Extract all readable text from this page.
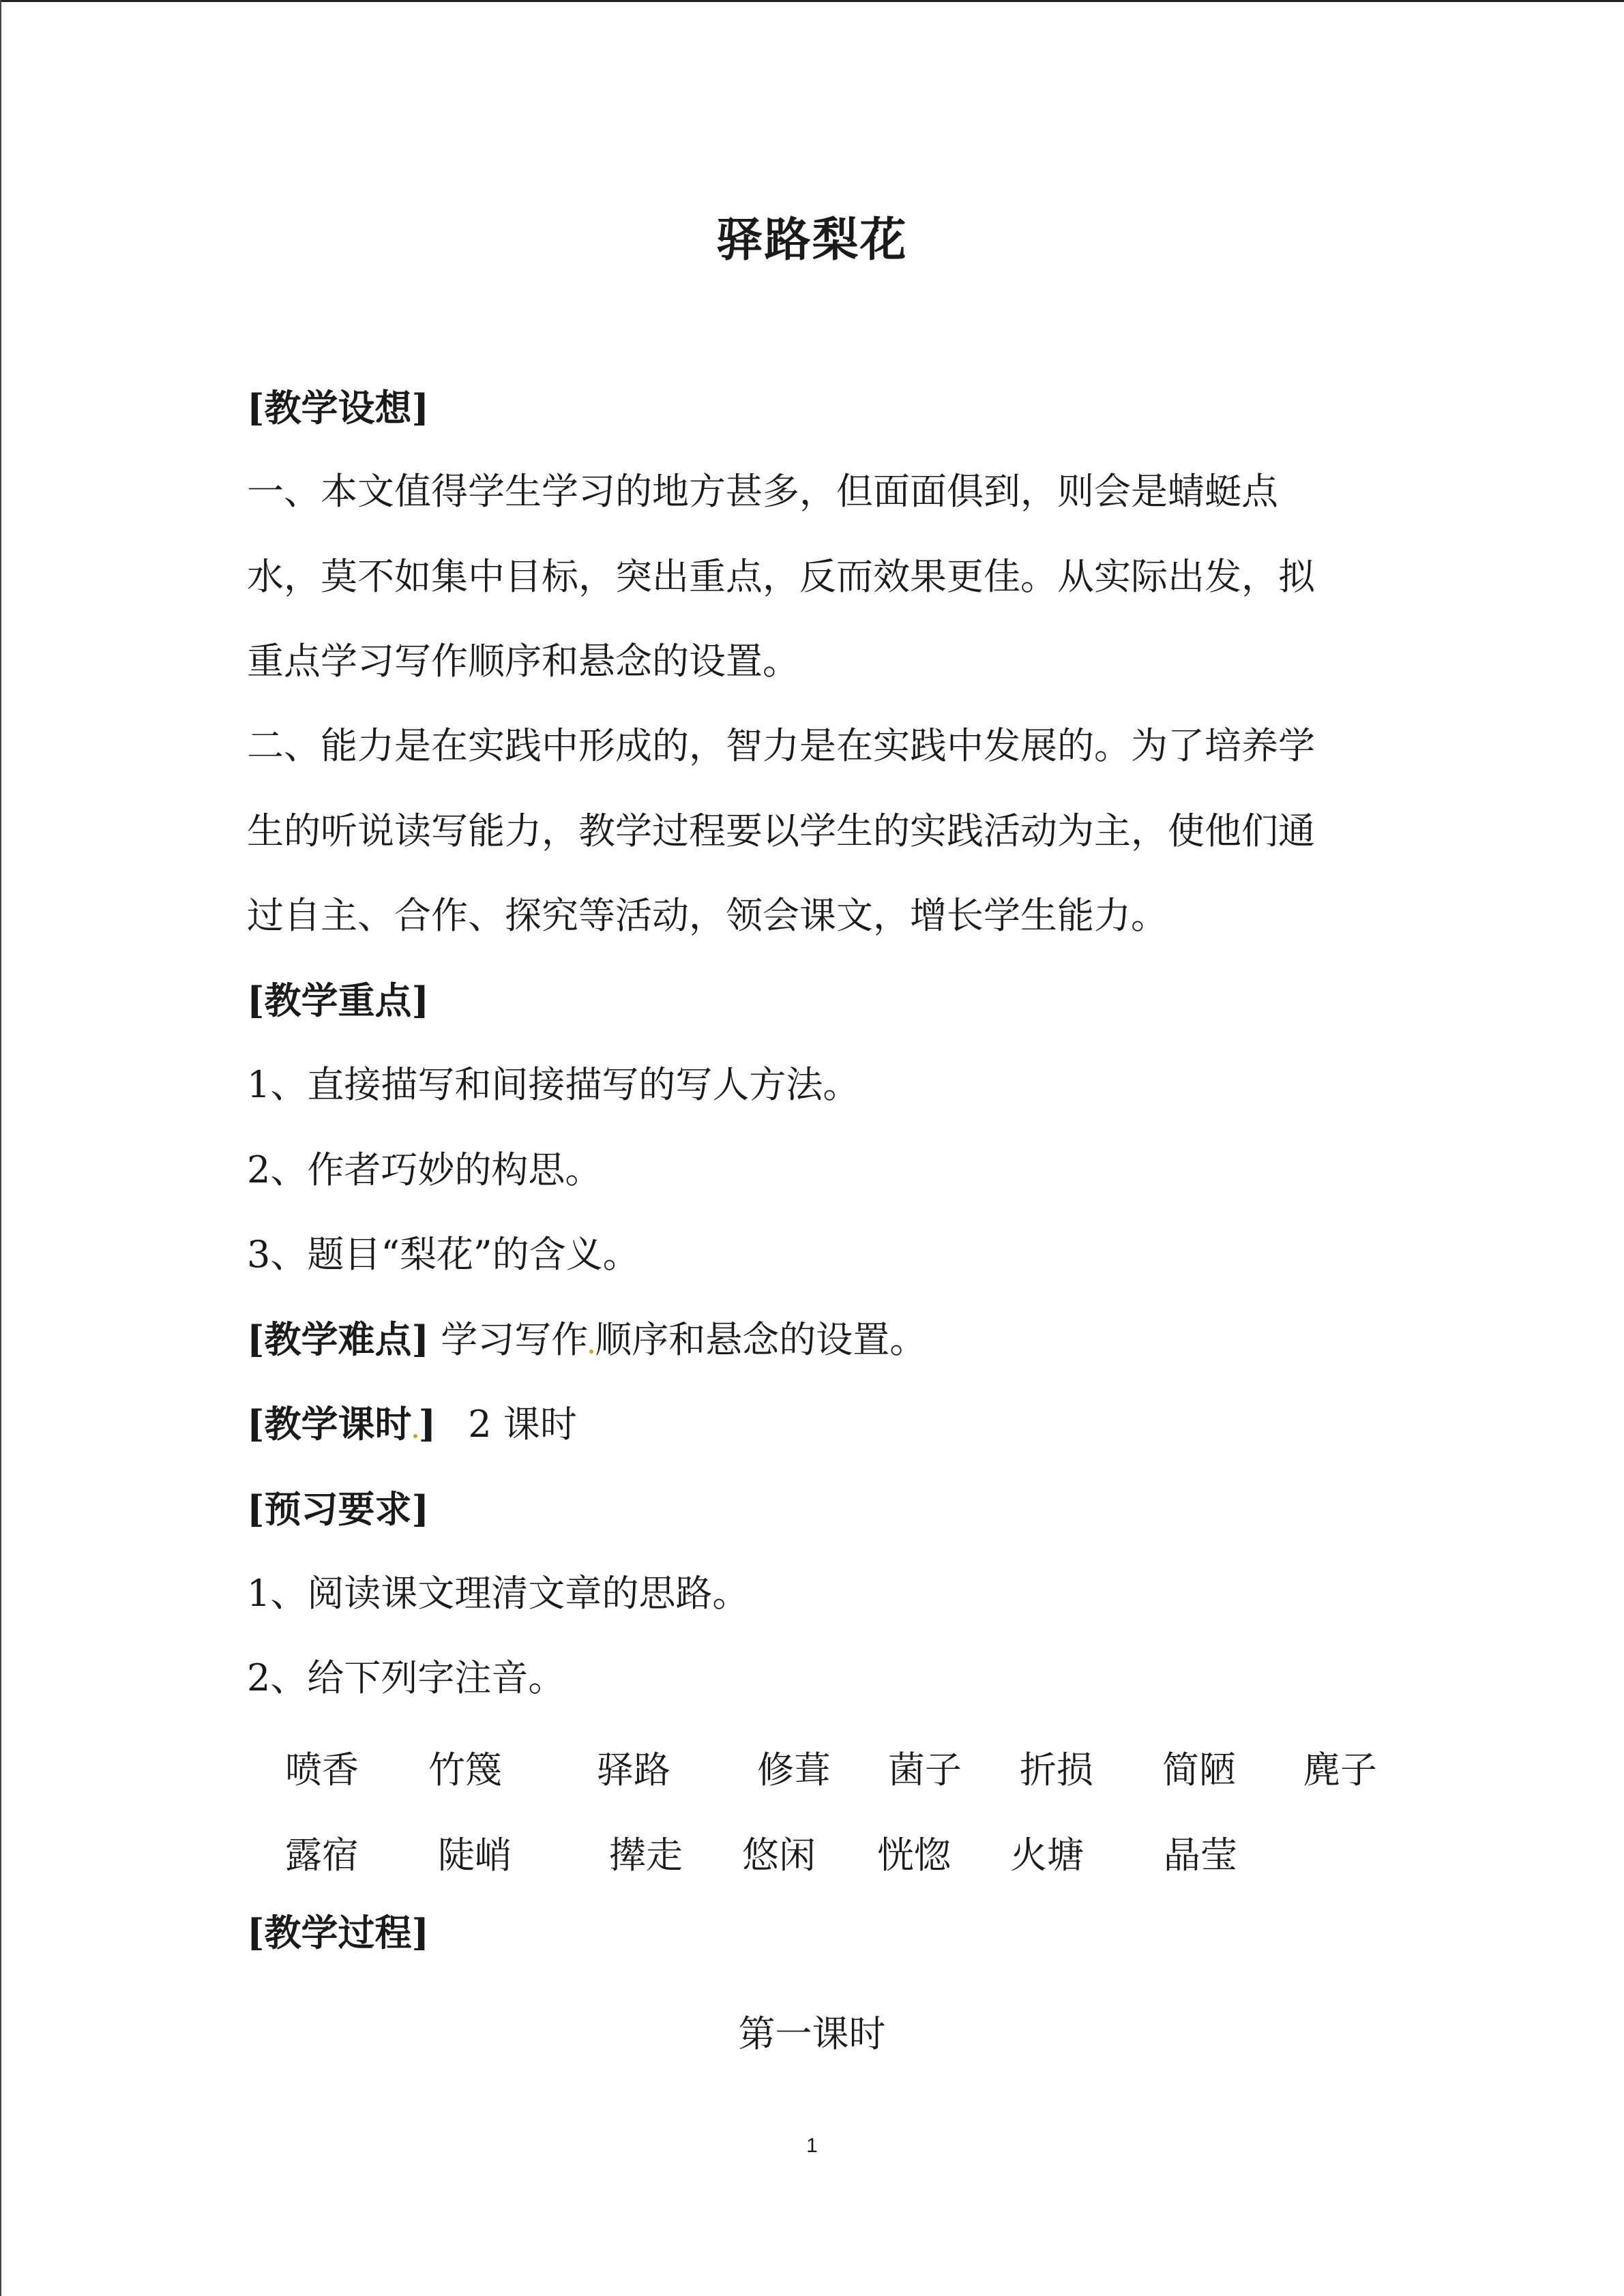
驿路梨花
[教学设想]
一、本文值得学生学习的地方甚多，但面面俱到，则会是蜻蜓点
水，莫不如集中目标，突出重点，反而效果更佳。从实际出发，拟
重点学习写作顺序和悬念的设置。
二、能力是在实践中形成的，智力是在实践中发展的。为了培养学
生的听说读写能力，教学过程要以学生的实践活动为主，使他们通
过自主、合作、探究等活动，领会课文，增长学生能力。
[教学重点]
1、直接描写和间接描写的写人方法。
2、作者巧妙的构思。
3、题目“梨花”的含义。
[教学难点] 学习写作 顺序和悬念的设置。
[教学课时 ] 2 课时
[预习要求]
1、阅读课文理清文章的思路。
2、给下列字注音。
喷香 竹篾	驿路 修葺 菌子 折损 简陋 麂子
露宿 陡峭	撵走 悠闲 恍惚 火塘 晶莹
[教学过程]
第一课时
1
